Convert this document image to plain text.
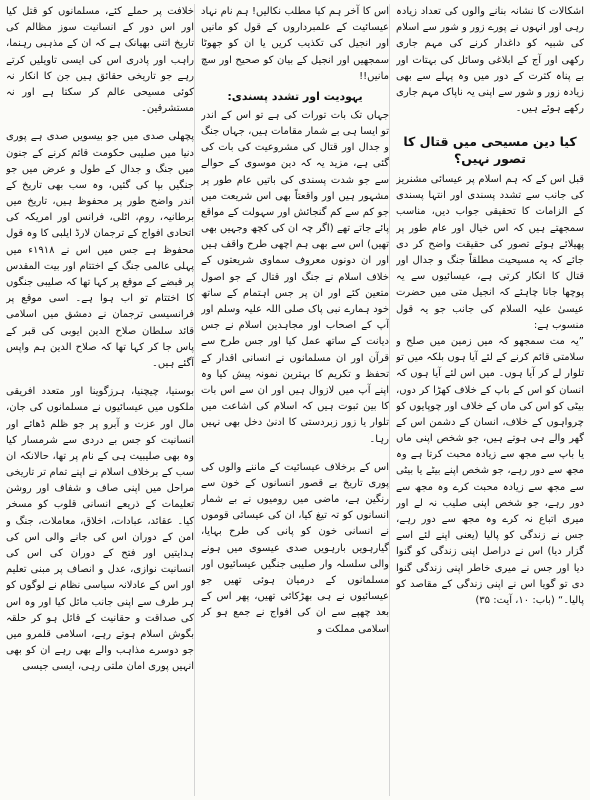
اشکالات کا نشانہ بنانے والوں کی تعداد زیادہ رہی اور انہوں نے پورے زور و شور سے اسلام کی شبیہ کو داغدار کرنے کی مہم جاری رکھی اور آج کے ابلاغی وسائل کی بہتات اور بے پناہ کثرت کے دور میں وہ پہلے سے بھی زیادہ زور و شور سے اپنی یہ ناپاک مہم جاری رکھے ہوئے ہیں۔

کیا دین مسیحی میں قتال کا تصور نہیں؟

قبل اس کے کہ ہم اسلام پر عیسائی مشنریز کی جانب سے تشدد پسندی اور انتہا پسندی کے الزامات کا تحقیقی جواب دیں، مناسب سمجھتے ہیں کہ اس خیال اور عام طور پر پھیلائے ہوئے تصور کی حقیقت واضح کر دی جائے کہ یہ مسیحیت مطلقاً جنگ و جدال اور قتال کا انکار کرتی ہے، عیسائیوں سے یہ پوچھا جانا چاہئے کہ انجیل متی میں حضرت عیسیٰ علیہ السلام کی جانب جو یہ قول منسوب ہے:

”یہ مت سمجھو کہ میں زمین میں صلح و سلامتی قائم کرنے کے لئے آیا ہوں بلکہ میں تو تلوار لے کر آیا ہوں۔ میں اس لئے آیا ہوں کہ انسان کو اس کے باپ کے خلاف کھڑا کر دوں، بیٹی کو اس کی ماں کے خلاف اور چوپایوں کو چرواہوں کے خلاف، انسان کے دشمن اس کے گھر والے ہی ہوتے ہیں، جو شخص اپنی ماں یا باپ سے مجھ سے زیادہ محبت کرتا ہے وہ مجھ سے دور رہے، جو شخص اپنے بیٹے یا بیٹی سے مجھ سے زیادہ محبت کرے وہ مجھ سے دور رہے، جو شخص اپنی صلیب نہ لے اور میری اتباع نہ کرے وہ مجھ سے دور رہے، جس نے زندگی کو پالیا (یعنی اپنے لئے اسے گزار دیا) اس نے دراصل اپنی زندگی کو گنوا دیا اور جس نے میری خاطر اپنی زندگی گنوا دی تو گویا اس نے اپنی زندگی کے مقاصد کو پالیا۔“ (باب: ۱۰، آیت: ۳۵)

اس کا آخر ہم کیا مطلب نکالیں! ہم نام نہاد عیسائیت کے علمبرداروں کے قول کو مانیں اور انجیل کی تکذیب کریں یا ان کو جھوٹا سمجھیں اور انجیل کے بیان کو صحیح اور سچ مانیں!!

یہودیت اور تشدد پسندی:

جہاں تک بات تورات کی ہے تو اس کے اندر تو ایسا ہی بے شمار مقامات ہیں، جہاں جنگ و جدال اور قتال کی مشروعیت کی بات کی گئی ہے، مزید یہ کہ دین موسوی کے حوالے سے جو شدت پسندی کی باتیں عام طور پر مشہور ہیں اور واقعتاً بھی اس شریعت میں جو کم سے کم گنجائش اور سہولت کے مواقع پائے جاتے تھے (اگر چہ ان کی کچھ وجہیں بھی تھیں) اس سے بھی ہم اچھی طرح واقف ہیں اور ان دونوں معروف سماوی شریعتوں کے خلاف اسلام نے جنگ اور قتال کے جو اصول متعین کئے اور ان پر جس اہتمام کے ساتھ خود ہمارے نبی پاک صلی اللہ علیہ وسلم اور آپ کے اصحاب اور مجاہدین اسلام نے جس دیانت کے ساتھ عمل کیا اور جس طرح سے قرآن اور ان مسلمانوں نے انسانی اقدار کے تحفظ و تکریم کا بہترین نمونہ پیش کیا وہ اپنے آپ میں لازوال ہیں اور ان سے اس بات کا بین ثبوت ہیں کہ اسلام کی اشاعت میں تلوار یا زور زبردستی کا ادنیٰ دخل بھی نہیں رہا۔

اس کے برخلاف عیسائیت کے ماننے والوں کی پوری تاریخ بے قصور انسانوں کے خون سے رنگین ہے، ماضی میں رومیوں نے بے شمار انسانوں کو تہ تیغ کیا، ان کی عیسائی قوموں نے انسانی خون کو پانی کی طرح بہایا، گیارہویں بارہویں صدی عیسوی میں ہونے والی سلسلہ وار صلیبی جنگیں عیسائیوں اور مسلمانوں کے درمیان ہوئی تھیں جو عیسائیوں نے ہی بھڑکائی تھیں، پھر اس کے بعد چھپے سے ان کی افواج نے جمع ہو کر اسلامی مملکت و

خلافت پر حملے کئے، مسلمانوں کو قتل کیا اور اس دور کے انسانیت سوز مظالم کی تاریخ اتنی بھیانک ہے کہ ان کے مذہبی رہنما، راہب اور پادری اس کی ایسی تاویلیں کرتے رہے جو تاریخی حقائق ہیں جن کا انکار نہ کوئی مسیحی عالم کر سکتا ہے اور نہ مستشرقین۔

پچھلی صدی میں جو بیسویں صدی ہے پوری دنیا میں صلیبی حکومت قائم کرنے کے جنون میں جنگ و جدال کے طول و عرض میں جو جنگیں بپا کی گئیں، وہ سب بھی تاریخ کے اندر واضح طور پر محفوظ ہیں، تاریخ میں برطانیہ، روم، اٹلی، فرانس اور امریکہ کی اتحادی افواج کے ترجمان لارڈ ایلبی کا وہ قول محفوظ ہے جس میں اس نے ۱۹۱۸ء میں پہلی عالمی جنگ کے اختتام اور بیت المقدس پر قبضے کے موقع پر کہا تھا کہ صلیبی جنگوں کا اختتام تو اب ہوا ہے۔ اسی موقع پر فرانسیسی ترجمان نے دمشق میں اسلامی قائد سلطان صلاح الدین ایوبی کی قبر کے پاس جا کر کہا تھا کہ صلاح الدین ہم واپس آگئے ہیں۔

بوسنیا، چیچنیا، ہرزگوینا اور متعدد افریقی ملکوں میں عیسائیوں نے مسلمانوں کی جان، مال اور عزت و آبرو پر جو ظلم ڈھائے اور انسانیت کو جس بے دردی سے شرمسار کیا وہ بھی صلیبیت ہی کے نام پر تھا، حالانکہ ان سب کے برخلاف اسلام نے اپنے تمام تر تاریخی مراحل میں اپنی صاف و شفاف اور روشن تعلیمات کے ذریعے انسانی قلوب کو مسخر کیا۔ عقائد، عبادات، اخلاق، معاملات، جنگ و امن کے دوران اس کی جانے والی اس کی ہدایتیں اور فتح کے دوران کی اس کی انسانیت نوازی، عدل و انصاف پر مبنی تعلیم اور اس کے عادلانہ سیاسی نظام نے لوگوں کو ہر طرف سے اپنی جانب مائل کیا اور وہ اس کی صداقت و حقانیت کے قائل ہو کر حلقہ بگوش اسلام ہوتے رہے، اسلامی قلمرو میں جو دوسرے مذاہب والے بھی رہے ان کو بھی انہیں پوری امان ملتی رہی، ایسی جیسی
